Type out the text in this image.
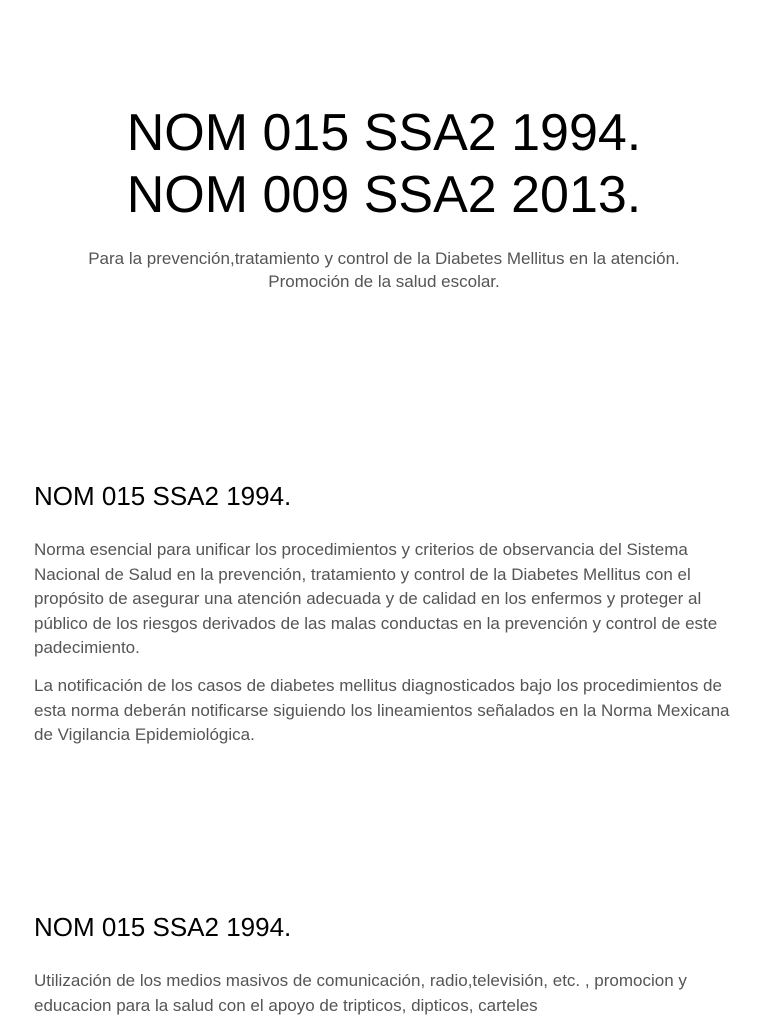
NOM 015 SSA2 1994.
NOM 009 SSA2 2013.
Para la prevención,tratamiento y control de la Diabetes Mellitus en la atención.
Promoción de la salud escolar.
NOM 015 SSA2 1994.

Norma esencial para unificar los procedimientos y criterios de observancia del Sistema Nacional de Salud en la prevención, tratamiento y control de la Diabetes Mellitus con el propósito de asegurar una atención adecuada y de calidad en los enfermos y proteger al público de los riesgos derivados de las malas conductas en la prevención y control de este padecimiento.

La notificación de los casos de diabetes mellitus diagnosticados bajo los procedimientos de esta norma deberán notificarse siguiendo los lineamientos señalados en la Norma Mexicana de Vigilancia Epidemiológica.

NOM 015 SSA2 1994.

Utilización de los medios masivos de comunicación, radio,televisión, etc. , promocion y educacion para la salud con el apoyo de tripticos, dipticos, carteles
